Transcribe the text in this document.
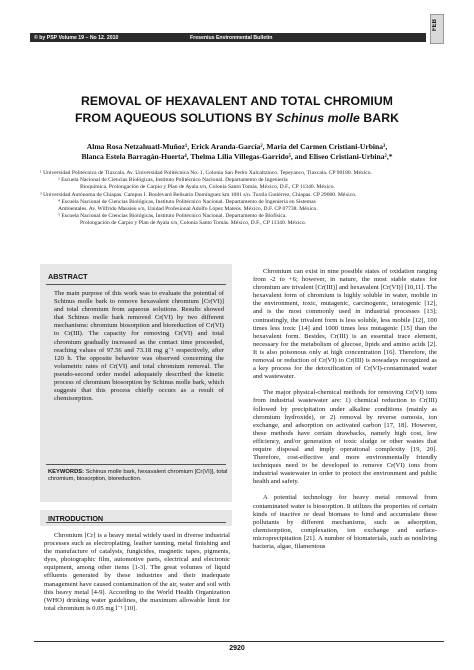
© by PSP Volume 19 – No 12. 2010	Fresenius Environmental Bulletin
FEB
REMOVAL OF HEXAVALENT AND TOTAL CHROMIUM
FROM AQUEOUS SOLUTIONS BY Schinus molle BARK
Alma Rosa Netzahuatl-Muñoz¹, Erick Aranda-García², María del Carmen Cristiani-Urbina³,
Blanca Estela Barragán-Huerta⁴, Thelma Lilia Villegas-Garrido⁵, and Eliseo Cristiani-Urbina²,*

¹ Universidad Politécnica de Tlaxcala. Av. Universidad Politécnica No. 1, Colonia San Pedro Xalcaltzinco. Tepeyanco, Tlaxcala. CP 90180. México.

² Escuela Nacional de Ciencias Biológicas, Instituto Politécnico Nacional. Departamento de Ingeniería

Bioquímica. Prolongación de Carpio y Plan de Ayala s/n, Colonia Santo Tomás. México, D.F., CP 11340. México.

³ Universidad Autónoma de Chiapas. Campus I. Boulevard Belisario Domínguez km 1081 s/n. Tuxtla Gutiérrez, Chiapas. CP 29000. México.

⁴ Escuela Nacional de Ciencias Biológicas, Instituto Politécnico Nacional. Departamento de Ingeniería en Sistemas

Ambientales. Av. Wilfrido Massieu s/n, Unidad Profesional Adolfo López Mateos. México, D.F. CP 07738. México.

⁵ Escuela Nacional de Ciencias Biológicas, Instituto Politécnico Nacional. Departamento de Biofísica.

Prolongación de Carpio y Plan de Ayala s/n, Colonia Santo Tomás. México, D.F., CP 11340. México.

ABSTRACT
The main purpose of this work was to evaluate the potential of Schinus molle bark to remove hexavalent chromium [Cr(VI)] and total chromium from aqueous solutions. Results showed that Schinus molle bark removed Cr(VI) by two different mechanisms: chromium biosorption and bioreduction of Cr(VI) to Cr(III). The capacity for removing Cr(VI) and total chromium gradually increased as the contact time proceeded, reaching values of 97.56 and 73.18 mg g⁻¹ respectively, after 120 h. The opposite behavior was observed concerning the volumetric rates of Cr(VI) and total chromium removal. The pseudo-second order model adequately described the kinetic process of chromium biosorption by Schinus molle bark, which suggests that this process chiefly occurs as a result of chemisorption.
KEYWORDS: Schinus molle bark, hexavalent chromium [Cr(VI)], total chromium, biosorption, bioreduction.
INTRODUCTION

Chromium [Cr] is a heavy metal widely used in diverse industrial processes such as electroplating, leather tanning, metal finishing and the manufacture of catalysts, fungicides, magnetic tapes, pigments, dyes, photographic film, automotive parts, electrical and electronic equipment, among other items [1-3]. The great volumes of liquid effluents generated by these industries and their inadequate management have caused contamination of the air, water and soil with this heavy metal [4-9]. According to the World Health Organization (WHO) drinking water guidelines, the maximum allowable limit for total chromium is 0.05 mg l⁻¹ [10].

Chromium can exist in nine possible states of oxidation ranging from -2 to +6; however, in nature, the most stable states for chromium are trivalent [Cr(III)] and hexavalent [Cr(VI)] [10,11]. The hexavalent form of chromium is highly soluble in water, mobile in the environment, toxic, mutagenic, carcinogenic, teratogenic [12], and is the most commonly used in industrial processes [13]; contrastingly, the trivalent form is less soluble, less mobile [12], 100 times less toxic [14] and 1000 times less mutagenic [15] than the hexavalent form. Besides, Cr(III) is an essential trace element, necessary for the metabolism of glucose, lipids and amino acids [2]. It is also poisonous only at high concentration [16]. Therefore, the removal or reduction of Cr(VI) to Cr(III) is nowadays recognized as a key process for the detoxification of Cr(VI)-contaminated water and wastewater.

The major physical-chemical methods for removing Cr(VI) ions from industrial wastewater are: 1) chemical reduction to Cr(III) followed by precipitation under alkaline conditions (mainly as chromium hydroxide), or 2) removal by reverse osmosis, ion exchange, and adsorption on activated carbon [17, 18]. However, these methods have certain drawbacks, namely high cost, low efficiency, and/or generation of toxic sludge or other wastes that require disposal and imply operational complexity [19, 20]. Therefore, cost-effective and more environmentally friendly techniques need to be developed to remove Cr(VI) ions from industrial wastewater in order to protect the environment and public health and safety.

A potential technology for heavy metal removal from contaminated water is biosorption. It utilizes the properties of certain kinds of inactive or dead biomass to bind and accumulate these pollutants by different mechanisms, such as adsorption, chemisorption, complexation, ion exchange and surface-microprecipitation [21]. A number of biomaterials, such as nonliving bacteria, algae, filamentous

2920
